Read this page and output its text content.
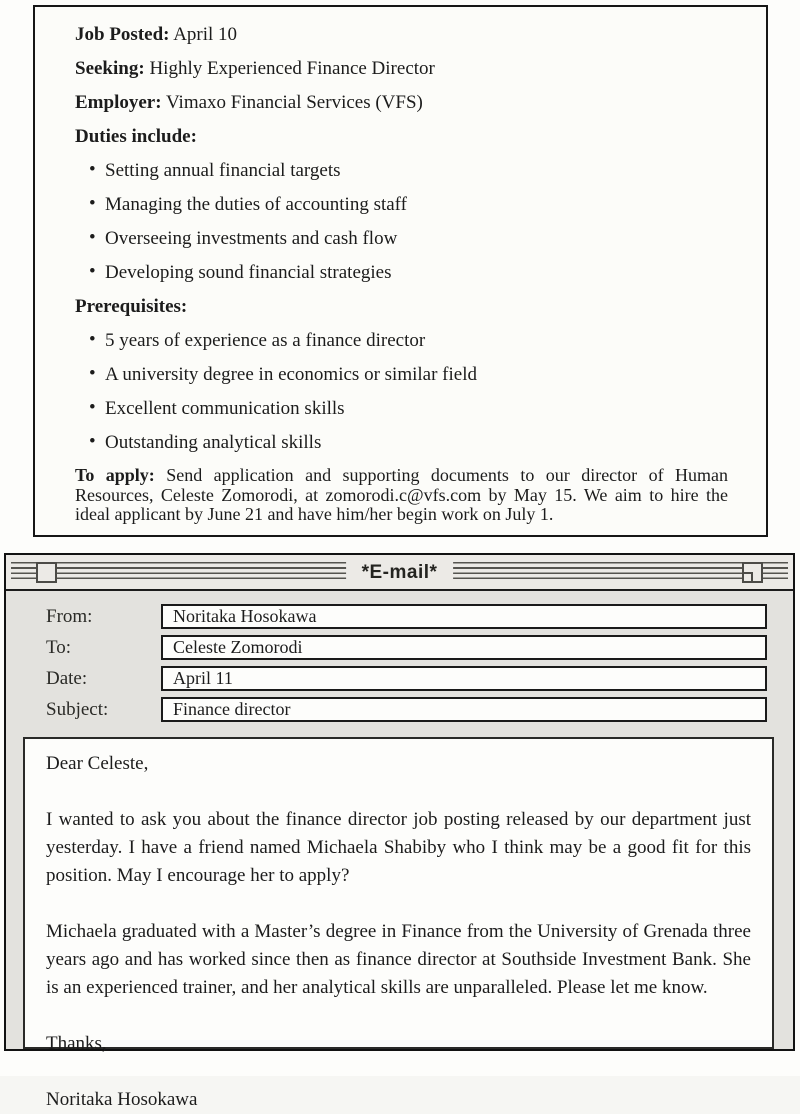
Job Posted: April 10

Seeking: Highly Experienced Finance Director

Employer: Vimaxo Financial Services (VFS)

Duties include:

• Setting annual financial targets
• Managing the duties of accounting staff
• Overseeing investments and cash flow
• Developing sound financial strategies

Prerequisites:

• 5 years of experience as a finance director
• A university degree in economics or similar field
• Excellent communication skills
• Outstanding analytical skills

To apply: Send application and supporting documents to our director of Human Resources, Celeste Zomorodi, at zomorodi.c@vfs.com by May 15. We aim to hire the ideal applicant by June 21 and have him/her begin work on July 1.

*E-mail*
From:	Noritaka Hosokawa
To:	Celeste Zomorodi
Date:	April 11
Subject:	Finance director

Dear Celeste,

I wanted to ask you about the finance director job posting released by our department just yesterday. I have a friend named Michaela Shabiby who I think may be a good fit for this position. May I encourage her to apply?

Michaela graduated with a Master’s degree in Finance from the University of Grenada three years ago and has worked since then as finance director at Southside Investment Bank. She is an experienced trainer, and her analytical skills are unparalleled. Please let me know.

Thanks,

Noritaka Hosokawa
